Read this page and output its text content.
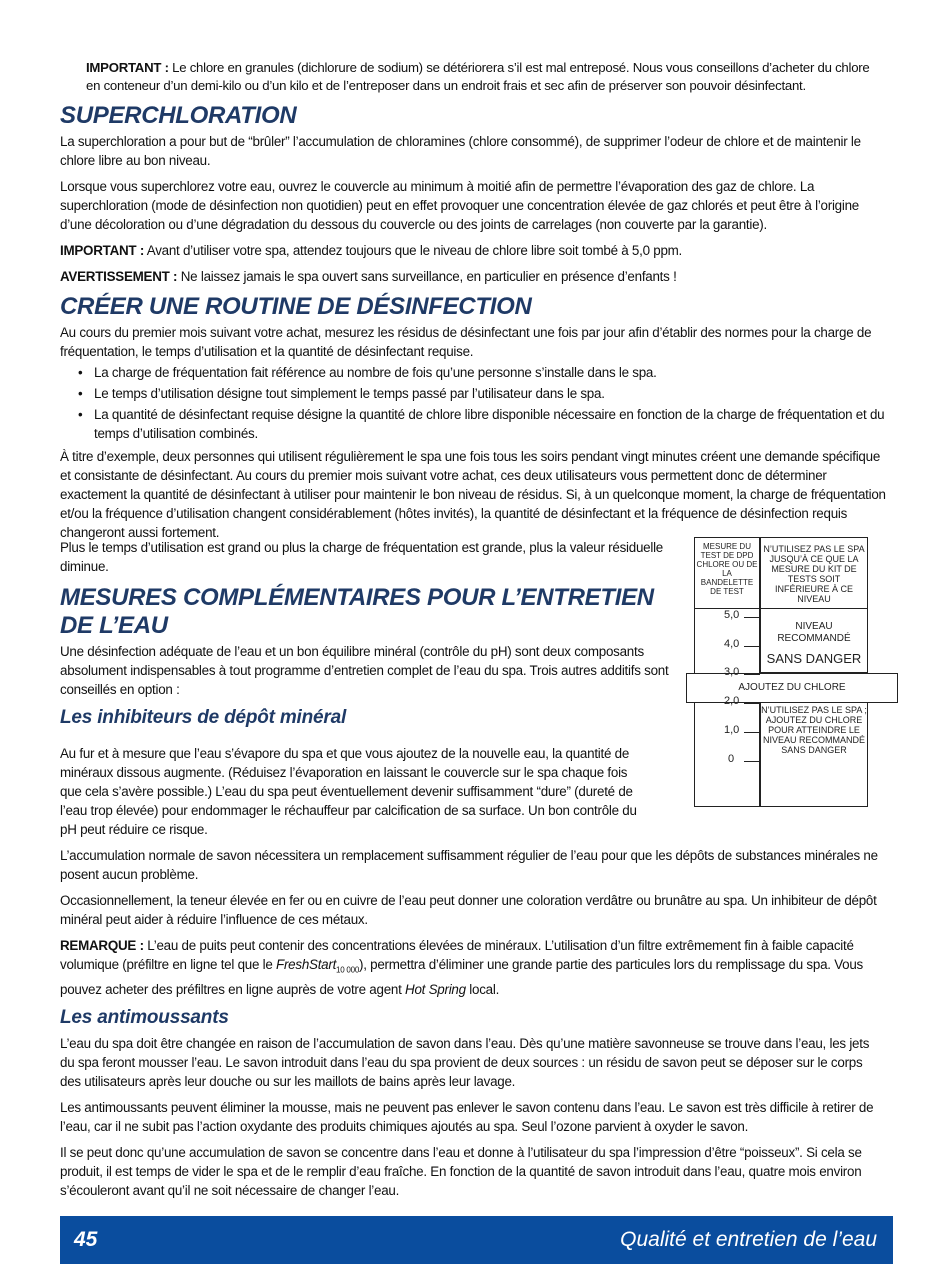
IMPORTANT : Le chlore en granules (dichlorure de sodium) se détériorera s’il est mal entreposé. Nous vous conseillons d’acheter du chlore en conteneur d’un demi-kilo ou d’un kilo et de l’entreposer dans un endroit frais et sec afin de préserver son pouvoir désinfectant.
SUPERCHLORATION

La superchloration a pour but de “brûler” l’accumulation de chloramines (chlore consommé), de supprimer l’odeur de chlore et de maintenir le chlore libre au bon niveau.

Lorsque vous superchlorez votre eau, ouvrez le couvercle au minimum à moitié afin de permettre l’évaporation des gaz de chlore. La superchloration (mode de désinfection non quotidien) peut en effet provoquer une concentration élevée de gaz chlorés et peut être à l’origine d’une décoloration ou d’une dégradation du dessous du couvercle ou des joints de carrelages (non couverte par la garantie).

IMPORTANT : Avant d’utiliser votre spa, attendez toujours que le niveau de chlore libre soit tombé à 5,0 ppm.

AVERTISSEMENT : Ne laissez jamais le spa ouvert sans surveillance, en particulier en présence d’enfants !

CRÉER UNE ROUTINE DE DÉSINFECTION

Au cours du premier mois suivant votre achat, mesurez les résidus de désinfectant une fois par jour afin d’établir des normes pour la charge de fréquentation, le temps d’utilisation et la quantité de désinfectant requise.

• La charge de fréquentation fait référence au nombre de fois qu’une personne s’installe dans le spa.
• Le temps d’utilisation désigne tout simplement le temps passé par l’utilisateur dans le spa.
• La quantité de désinfectant requise désigne la quantité de chlore libre disponible nécessaire en fonction de la charge de fréquentation et du temps d’utilisation combinés.

À titre d’exemple, deux personnes qui utilisent régulièrement le spa une fois tous les soirs pendant vingt minutes créent une demande spécifique et consistante de désinfectant. Au cours du premier mois suivant votre achat, ces deux utilisateurs vous permettent donc de déterminer exactement la quantité de désinfectant à utiliser pour maintenir le bon niveau de résidus. Si, à un quelconque moment, la charge de fréquentation et/ou la fréquence d’utilisation changent considérablement (hôtes invités), la quantité de désinfectant et la fréquence de désinfection requis changeront aussi fortement.

Plus le temps d’utilisation est grand ou plus la charge de fréquentation est grande, plus la valeur résiduelle diminue.

MESURES COMPLÉMENTAIRES POUR L’ENTRETIEN DE L’EAU

Une désinfection adéquate de l’eau et un bon équilibre minéral (contrôle du pH) sont deux composants absolument indispensables à tout programme d’entretien complet de l’eau du spa. Trois autres additifs sont conseillés en option :

Les inhibiteurs de dépôt minéral

Au fur et à mesure que l’eau s’évapore du spa et que vous ajoutez de la nouvelle eau, la quantité de minéraux dissous augmente. (Réduisez l’évaporation en laissant le couvercle sur le spa chaque fois que cela s’avère possible.) L’eau du spa peut éventuellement devenir suffisamment “dure” (dureté de l’eau trop élevée) pour endommager le réchauffeur par calcification de sa surface. Un bon contrôle du pH peut réduire ce risque.

L’accumulation normale de savon nécessitera un remplacement suffisamment régulier de l’eau pour que les dépôts de substances minérales ne posent aucun problème.

Occasionnellement, la teneur élevée en fer ou en cuivre de l’eau peut donner une coloration verdâtre ou brunâtre au spa. Un inhibiteur de dépôt minéral peut aider à réduire l’influence de ces métaux.

REMARQUE : L’eau de puits peut contenir des concentrations élevées de minéraux. L’utilisation d’un filtre extrêmement fin à faible capacité volumique (préfiltre en ligne tel que le FreshStart$_{10 000}$), permettra d’éliminer une grande partie des particules lors du remplissage du spa. Vous pouvez acheter des préfiltres en ligne auprès de votre agent Hot Spring local.

Les antimoussants

L’eau du spa doit être changée en raison de l’accumulation de savon dans l’eau. Dès qu’une matière savonneuse se trouve dans l’eau, les jets du spa feront mousser l’eau. Le savon introduit dans l’eau du spa provient de deux sources : un résidu de savon peut se déposer sur le corps des utilisateurs après leur douche ou sur les maillots de bains après leur lavage.

Les antimoussants peuvent éliminer la mousse, mais ne peuvent pas enlever le savon contenu dans l’eau. Le savon est très difficile à retirer de l’eau, car il ne subit pas l’action oxydante des produits chimiques ajoutés au spa. Seul l’ozone parvient à oxyder le savon.

Il se peut donc qu’une accumulation de savon se concentre dans l’eau et donne à l’utilisateur du spa l’impression d’être “poisseux”. Si cela se produit, il est temps de vider le spa et de le remplir d’eau fraîche. En fonction de la quantité de savon introduit dans l’eau, quatre mois environ s’écouleront avant qu’il ne soit nécessaire de changer l’eau.

MESURE DU TEST DE DPD CHLORE OU DE LA BANDELETTE DE TEST
N’UTILISEZ PAS LE SPA JUSQU’À CE QUE LA MESURE DU KIT DE TESTS SOIT INFÉRIEURE À CE NIVEAU
NIVEAU RECOMMANDÉ
SANS DANGER
AJOUTEZ DU CHLORE
N’UTILISEZ PAS LE SPA ; AJOUTEZ DU CHLORE POUR ATTEINDRE LE NIVEAU RECOMMANDÉ SANS DANGER
5,0
4,0
3,0
2,0
1,0
0
45	Qualité et entretien de l’eau
